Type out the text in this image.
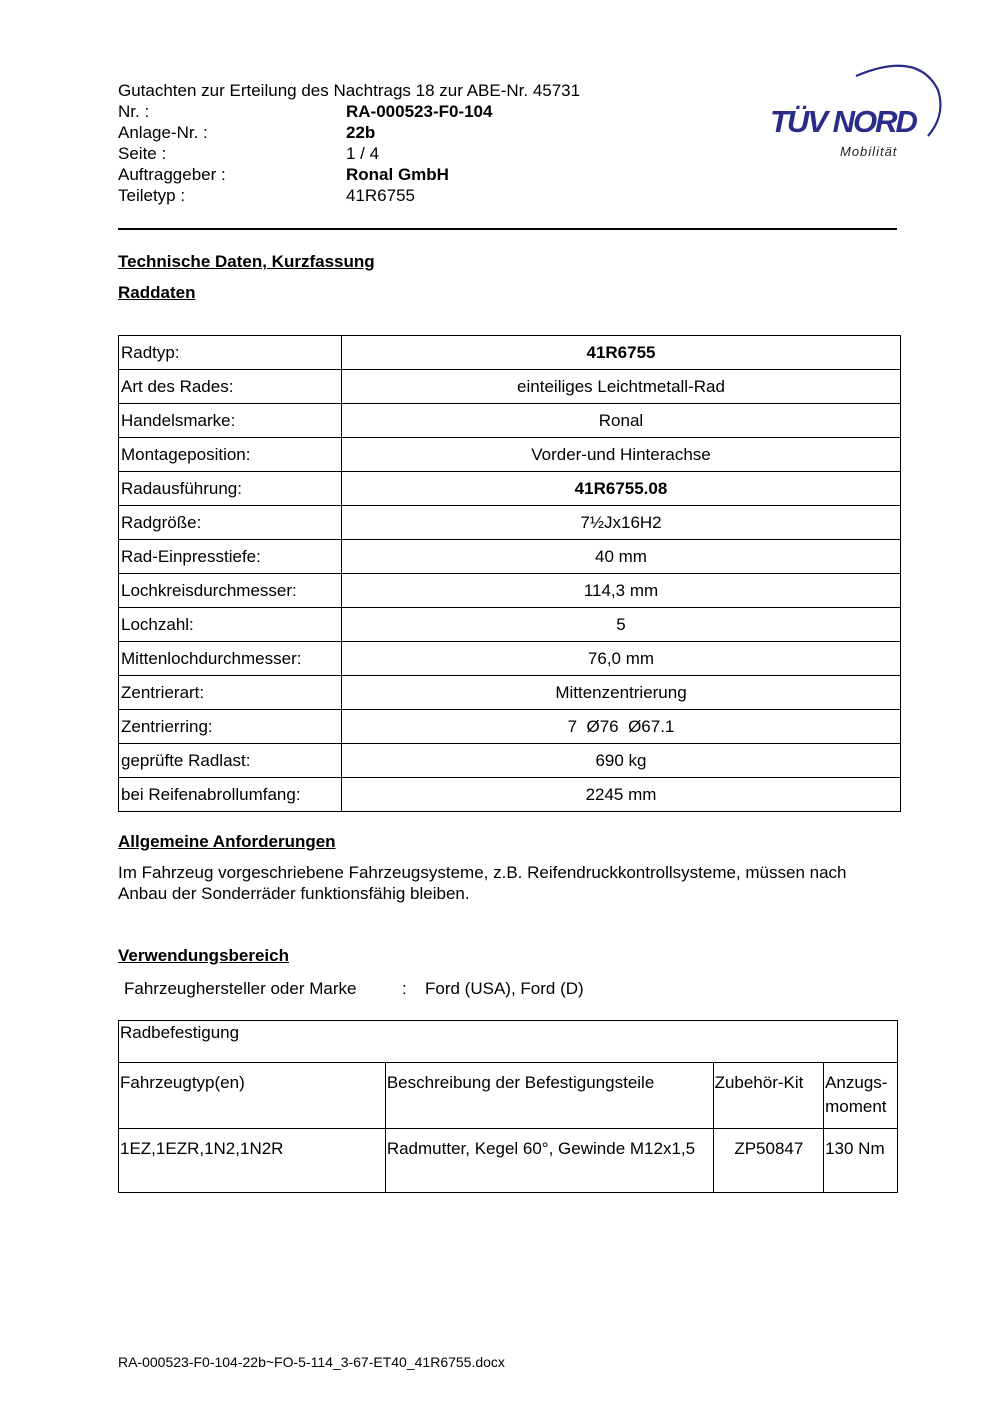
Gutachten zur Erteilung des Nachtrags 18 zur ABE-Nr. 45731
Nr. :	RA-000523-F0-104
Anlage-Nr. :	22b
Seite :	1 / 4
Auftraggeber :	Ronal GmbH
Teiletyp :	41R6755
TÜV NORD
Mobilität
Technische Daten, Kurzfassung
Raddaten
Radtyp:	41R6755
Art des Rades:	einteiliges Leichtmetall-Rad
Handelsmarke:	Ronal
Montageposition:	Vorder-und Hinterachse
Radausführung:	41R6755.08
Radgröße:	7½Jx16H2
Rad-Einpresstiefe:	40 mm
Lochkreisdurchmesser:	114,3 mm
Lochzahl:	5
Mittenlochdurchmesser:	76,0 mm
Zentrierart:	Mittenzentrierung
Zentrierring:	7  Ø76  Ø67.1
geprüfte Radlast:	690 kg
bei Reifenabrollumfang:	2245 mm
Allgemeine Anforderungen
Im Fahrzeug vorgeschriebene Fahrzeugsysteme, z.B. Reifendruckkontrollsysteme, müssen nach Anbau der Sonderräder funktionsfähig bleiben.
Verwendungsbereich
Fahrzeughersteller oder Marke	: Ford (USA), Ford (D)
Radbefestigung			
Fahrzeugtyp(en)	Beschreibung der Befestigungsteile	Zubehör-Kit	Anzugs-
moment
1EZ,1EZR,1N2,1N2R	Radmutter, Kegel 60°, Gewinde M12x1,5	ZP50847	130 Nm
RA-000523-F0-104-22b~FO-5-114_3-67-ET40_41R6755.docx
